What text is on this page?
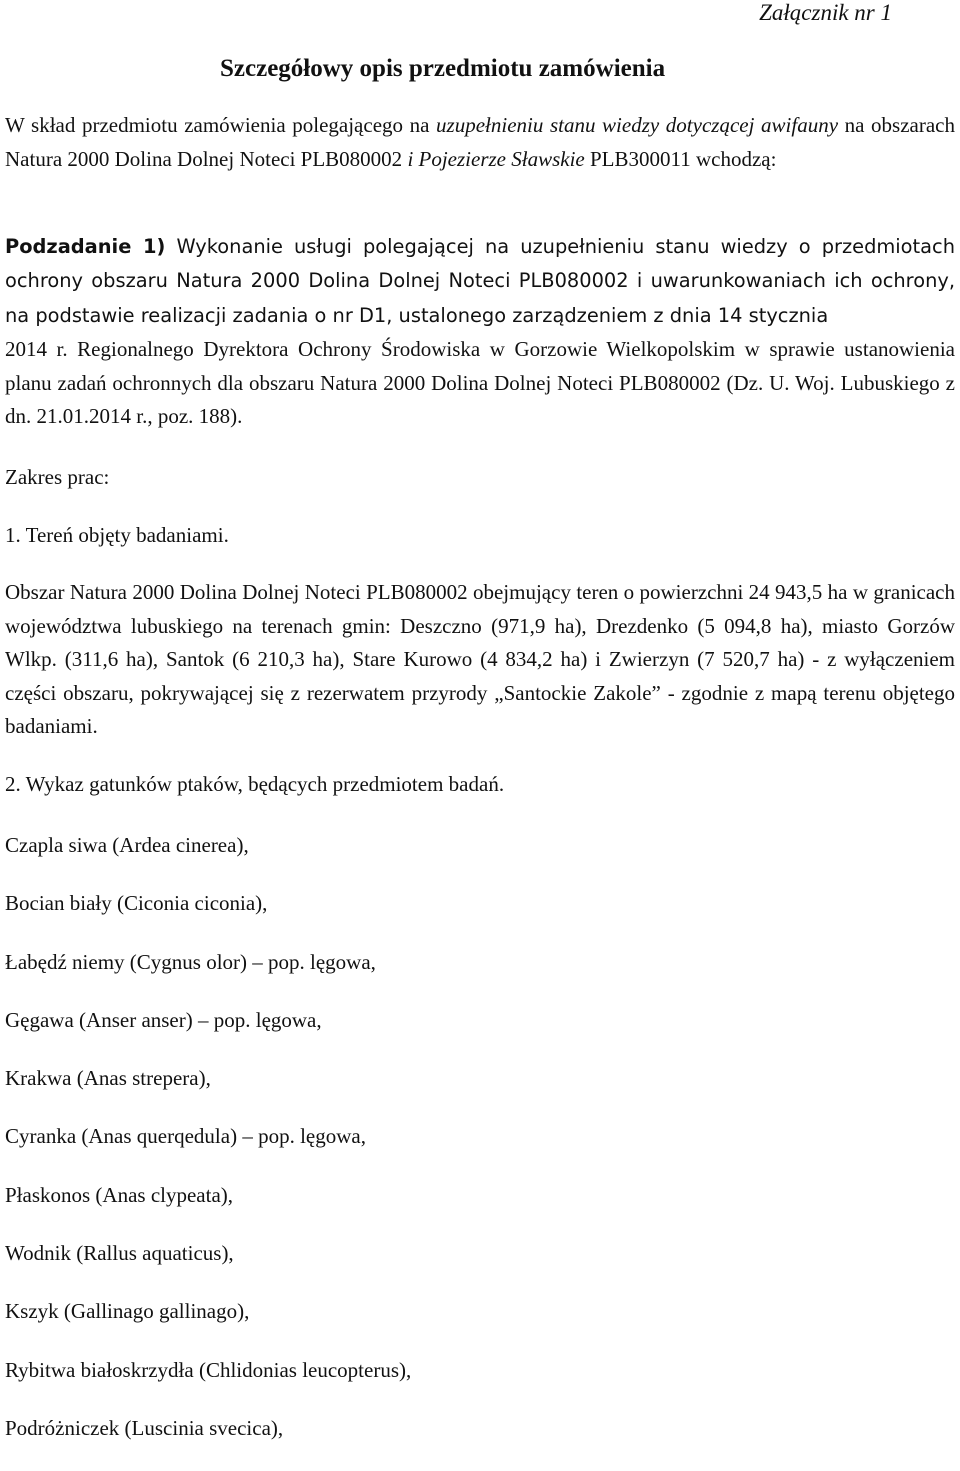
Załącznik nr 1
Szczegółowy opis przedmiotu zamówienia

W skład przedmiotu zamówienia polegającego na uzupełnieniu stanu wiedzy dotyczącej awifauny na obszarach Natura 2000 Dolina Dolnej Noteci PLB080002 i Pojezierze Sławskie PLB300011 wchodzą:

Podzadanie 1) Wykonanie usługi polegającej na uzupełnieniu stanu wiedzy o przedmiotach ochrony obszaru Natura 2000 Dolina Dolnej Noteci PLB080002 i uwarunkowaniach ich ochrony, na podstawie realizacji zadania o nr D1, ustalonego zarządzeniem z dnia 14 stycznia

2014 r. Regionalnego Dyrektora Ochrony Środowiska w Gorzowie Wielkopolskim w sprawie ustanowienia planu zadań ochronnych dla obszaru Natura 2000 Dolina Dolnej Noteci PLB080002 (Dz. U. Woj. Lubuskiego z dn. 21.01.2014 r., poz. 188).

Zakres prac:

1. Tereń objęty badaniami.

Obszar Natura 2000 Dolina Dolnej Noteci PLB080002 obejmujący teren o powierzchni 24 943,5 ha w granicach województwa lubuskiego na terenach gmin: Deszczno (971,9 ha), Drezdenko (5 094,8 ha), miasto Gorzów Wlkp. (311,6 ha), Santok (6 210,3 ha), Stare Kurowo (4 834,2 ha) i Zwierzyn (7 520,7 ha) - z wyłączeniem części obszaru, pokrywającej się z rezerwatem przyrody „Santockie Zakole” - zgodnie z mapą terenu objętego badaniami.

2. Wykaz gatunków ptaków, będących przedmiotem badań.

Czapla siwa (Ardea cinerea),
Bocian biały (Ciconia ciconia),
Łabędź niemy (Cygnus olor) – pop. lęgowa,
Gęgawa (Anser anser) – pop. lęgowa,
Krakwa (Anas strepera),
Cyranka (Anas querqedula) – pop. lęgowa,
Płaskonos (Anas clypeata),
Wodnik (Rallus aquaticus),
Kszyk (Gallinago gallinago),
Rybitwa białoskrzydła (Chlidonias leucopterus),
Podróżniczek (Luscinia svecica),
